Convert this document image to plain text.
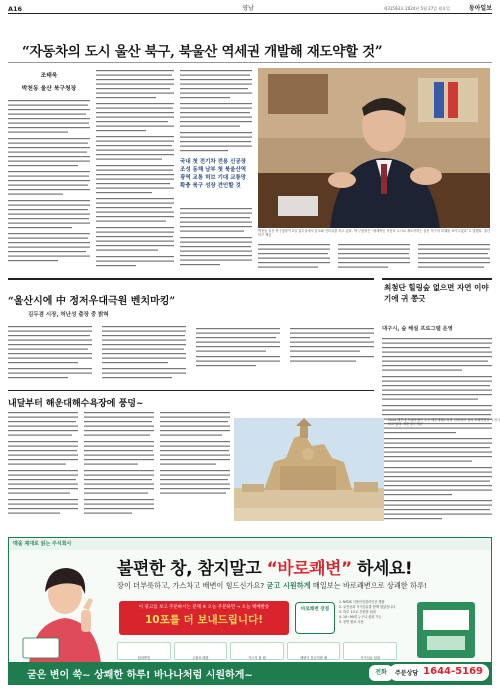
A16	영남	제31593호 2024년 5월 27일 월요일	동아일보
“자동차의 도시 울산 북구, 북울산 역세권 개발해 재도약할 것”
조태욱
박천동 울산 북구청장
국내 첫 전기차 전용 신공장 조성 동해 남부 첫 북울산역 광역 교통 허브 기대 교통망 확충 북구 성장 견인할 것
박천동 울산 북구청장이 2일 집무실에서 본보와 인터뷰를 하고 있다. 박 구청장은 “세계적인 자동차 도시로 재도약하는 울산 북구의 미래를 보여주겠다”고 말했다. 울산 북구 제공
“울산시에 中 정저우대극원 벤치마킹”
김두겸 시장, 허난성 출장 중 밝혀
최첨단 힐링숲 없으면 자연 이야기에 귀 쫑긋
대구시, 숲 해설 프로그램 운영
내달부터 해운대해수욕장에 풍덩~
2024 해운대 모래축제가 부산 해운대해수욕장 일원에서 열려 모래작품들이 전시되고 있다. 해운대구 제공
맥을 제대로 읽는 주식회사
불편한 창, 참지말고 “바로쾌변” 하세요!
장이 더부룩하고, 가스차고 배변이 힘드신가요? 굳고 시원하게 매일보는 바로쾌변으로 상쾌한 하루!
이 광고를 보고 주문하시는 분께 ※ 오늘 주문하면 → 오늘 택배발송
10포를 더 보내드립니다!
바로쾌변 장점
1. NFDS 식품안전관리인증 제품
2. 유산균과 식이섬유를 함께 담았습니다
3. 하루 1포로 간편한 섭취
4. 10~90대 누구나 섭취 가능
5. 천연 원료 사용
섭취방법	주원료 배합	가스가 찰 때	배변이 불규칙할 때	식이섬유 섭취
굳은 변이 쑥~ 상쾌한 하루! 바나나처럼 시원하게~	전화	주문상담 1644-5169
